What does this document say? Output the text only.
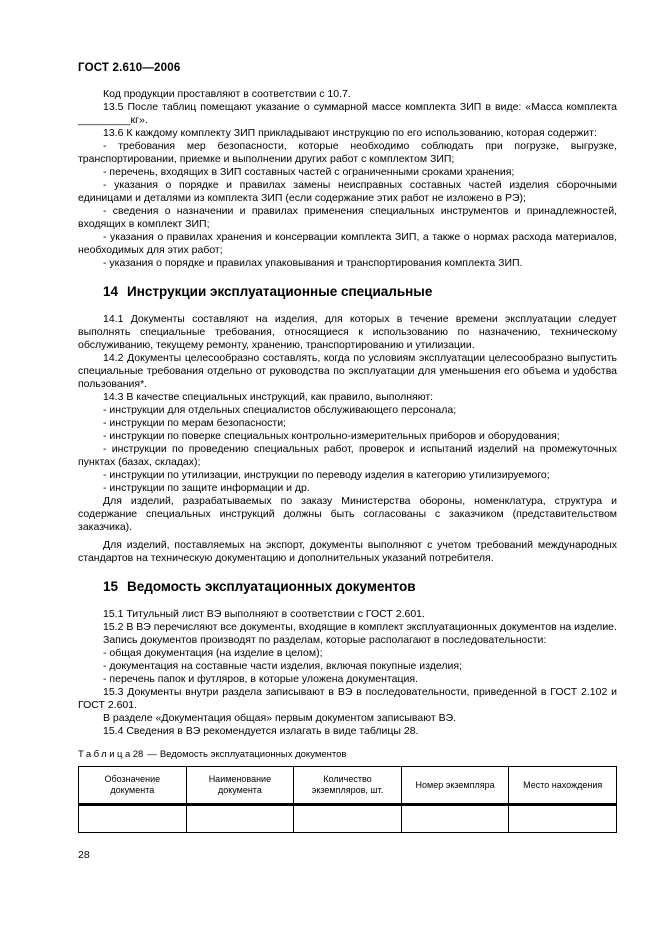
ГОСТ 2.610—2006

Код продукции проставляют в соответствии с 10.7.

13.5 После таблиц помещают указание о суммарной массе комплекта ЗИП в виде: «Масса комплекта _________кг».

13.6 К каждому комплекту ЗИП прикладывают инструкцию по его использованию, которая содержит:

- требования мер безопасности, которые необходимо соблюдать при погрузке, выгрузке, транспортировании, приемке и выполнении других работ с комплектом ЗИП;

- перечень, входящих в ЗИП составных частей с ограниченными сроками хранения;

- указания о порядке и правилах замены неисправных составных частей изделия сборочными единицами и деталями из комплекта ЗИП (если содержание этих работ не изложено в РЭ);

- сведения о назначении и правилах применения специальных инструментов и принадлежностей, входящих в комплект ЗИП;

- указания о правилах хранения и консервации комплекта ЗИП, а также о нормах расхода материалов, необходимых для этих работ;

- указания о порядке и правилах упаковывания и транспортирования комплекта ЗИП.

14 Инструкции эксплуатационные специальные

14.1 Документы составляют на изделия, для которых в течение времени эксплуатации следует выполнять специальные требования, относящиеся к использованию по назначению, техническому обслуживанию, текущему ремонту, хранению, транспортированию и утилизации.

14.2 Документы целесообразно составлять, когда по условиям эксплуатации целесообразно выпустить специальные требования отдельно от руководства по эксплуатации для уменьшения его объема и удобства пользования*.

14.3 В качестве специальных инструкций, как правило, выполняют:

- инструкции для отдельных специалистов обслуживающего персонала;

- инструкции по мерам безопасности;

- инструкции по поверке специальных контрольно-измерительных приборов и оборудования;

- инструкции по проведению специальных работ, проверок и испытаний изделий на промежуточных пунктах (базах, складах);

- инструкции по утилизации, инструкции по переводу изделия в категорию утилизируемого;

- инструкции по защите информации и др.

Для изделий, разрабатываемых по заказу Министерства обороны, номенклатура, структура и содержание специальных инструкций должны быть согласованы с заказчиком (представительством заказчика).

Для изделий, поставляемых на экспорт, документы выполняют с учетом требований международных стандартов на техническую документацию и дополнительных указаний потребителя.

15 Ведомость эксплуатационных документов

15.1 Титульный лист ВЭ выполняют в соответствии с ГОСТ 2.601.

15.2 В ВЭ перечисляют все документы, входящие в комплект эксплуатационных документов на изделие.

Запись документов производят по разделам, которые располагают в последовательности:

- общая документация (на изделие в целом);

- документация на составные части изделия, включая покупные изделия;

- перечень папок и футляров, в которые уложена документация.

15.3 Документы внутри раздела записывают в ВЭ в последовательности, приведенной в ГОСТ 2.102 и ГОСТ 2.601.

В разделе «Документация общая» первым документом записывают ВЭ.

15.4 Сведения в ВЭ рекомендуется излагать в виде таблицы 28.

Таблица28 — Ведомость эксплуатационных документов
Обозначение документа	Наименование документа	Количество экземпляров, шт.	Номер экземпляра	Место нахождения

28
